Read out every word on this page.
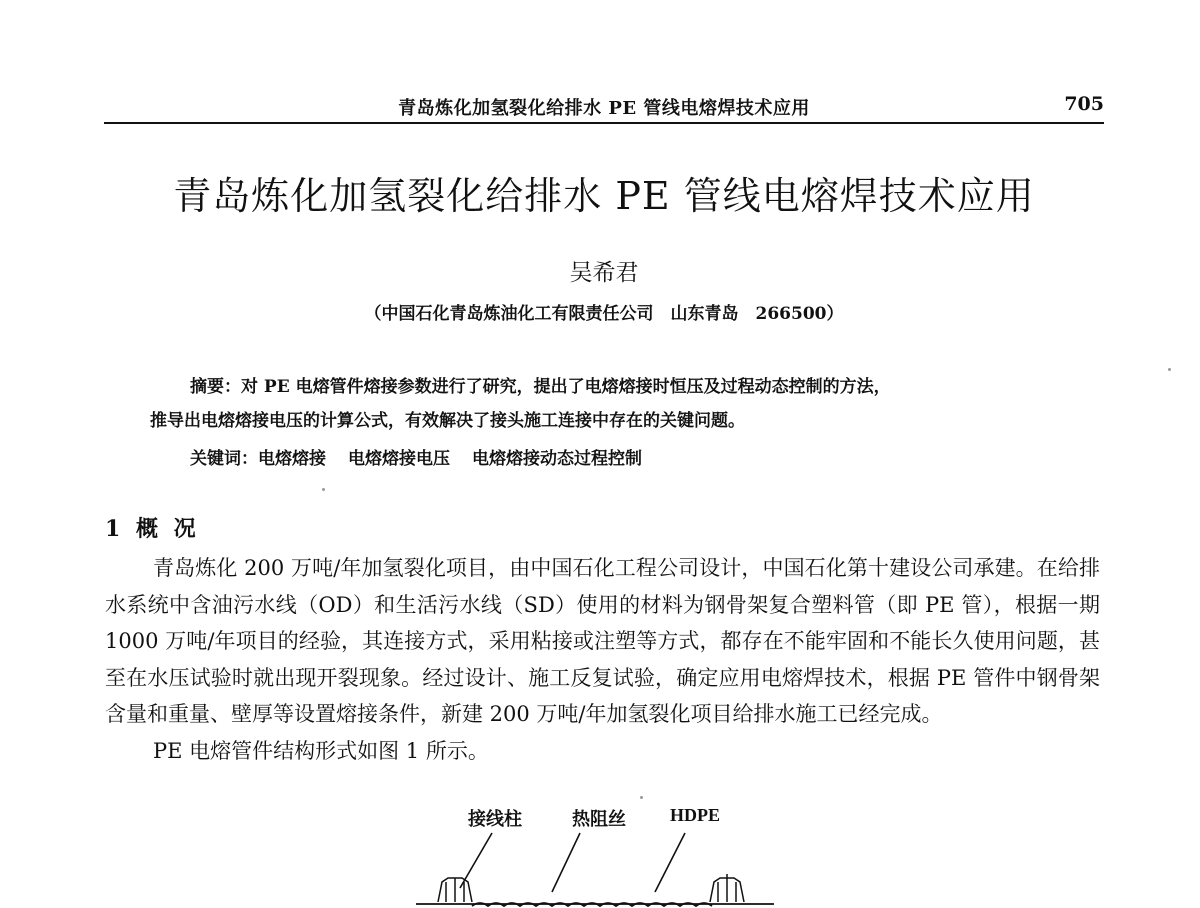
青岛炼化加氢裂化给排水 PE 管线电熔焊技术应用	705
青岛炼化加氢裂化给排水 PE 管线电熔焊技术应用
吴希君
（中国石化青岛炼油化工有限责任公司　山东青岛　266500）
摘要：对 PE 电熔管件熔接参数进行了研究，提出了电熔熔接时恒压及过程动态控制的方法，
推导出电熔熔接电压的计算公式，有效解决了接头施工连接中存在的关键问题。
关键词：电熔熔接 电熔熔接电压 电熔熔接动态过程控制
1 概 况

青岛炼化 200 万吨/年加氢裂化项目，由中国石化工程公司设计，中国石化第十建设公司承建。在给排水系统中含油污水线（OD）和生活污水线（SD）使用的材料为钢骨架复合塑料管（即 PE 管），根据一期 1000 万吨/年项目的经验，其连接方式，采用粘接或注塑等方式，都存在不能牢固和不能长久使用问题，甚至在水压试验时就出现开裂现象。经过设计、施工反复试验，确定应用电熔焊技术，根据 PE 管件中钢骨架含量和重量、壁厚等设置熔接条件，新建 200 万吨/年加氢裂化项目给排水施工已经完成。

PE 电熔管件结构形式如图 1 所示。

接线柱	热阻丝 HDPE
